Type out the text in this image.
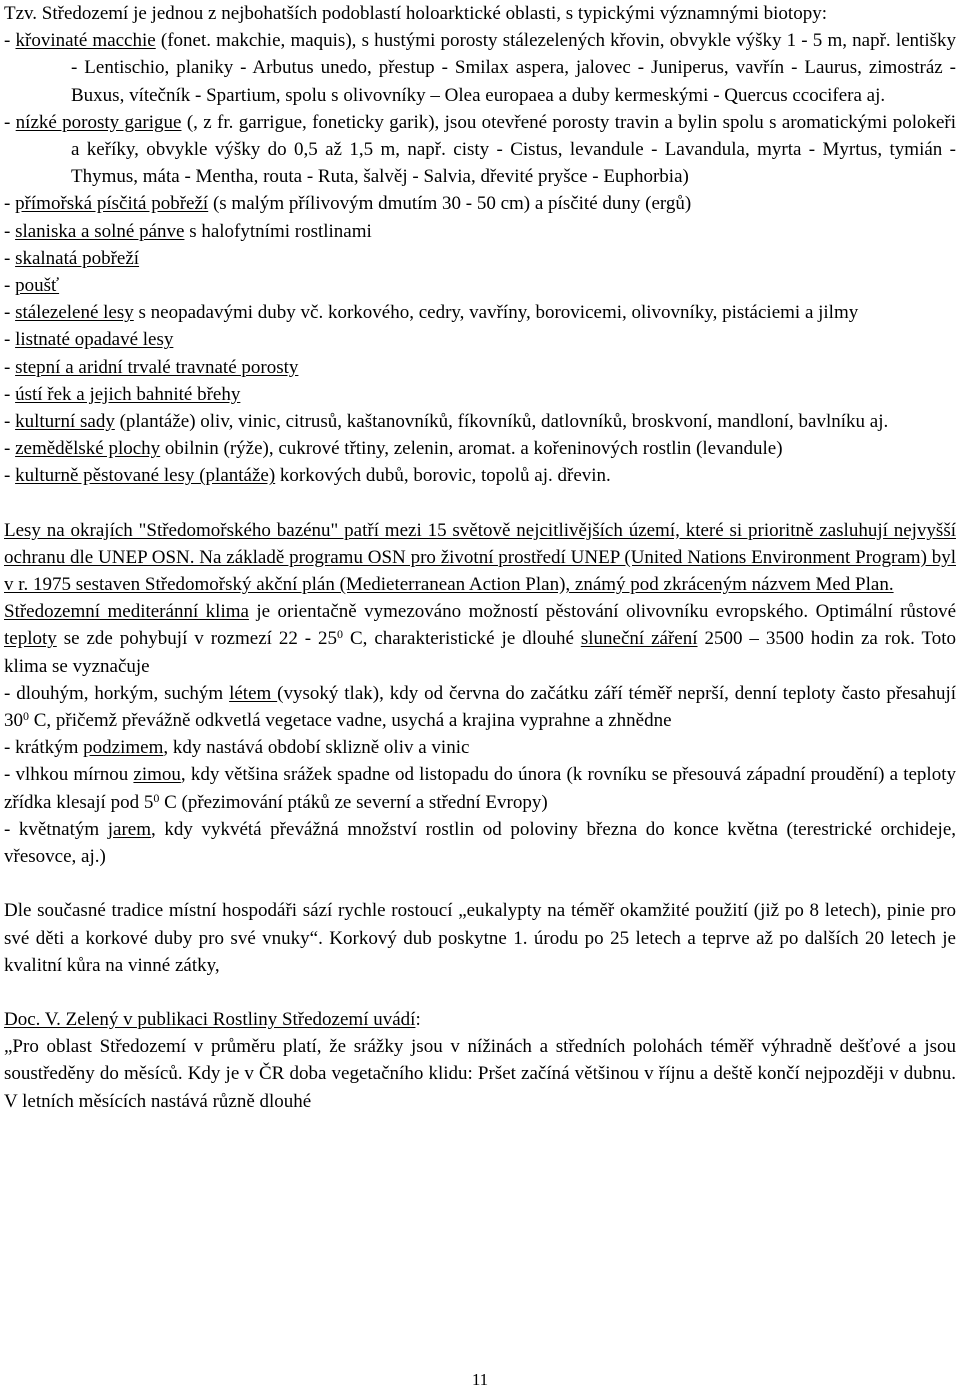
Tzv. Středozemí je jednou z nejbohatších podoblastí holoarktické oblasti, s typickými významnými biotopy:
- křovinaté macchie (fonet. makchie, maquis), s hustými porosty stálezelených křovin, obvykle výšky 1 - 5 m, např. lentišky - Lentischio, planiky - Arbutus unedo, přestup - Smilax aspera, jalovec - Juniperus, vavřín - Laurus, zimostráz - Buxus, vítečník - Spartium, spolu s olivovníky – Olea europaea a duby kermeskými - Quercus ccocifera aj.
- nízké porosty garigue (, z fr. garrigue, foneticky garik), jsou otevřené porosty travin a bylin spolu s aromatickými polokeři a keříky, obvykle výšky do 0,5 až 1,5 m, např. cisty - Cistus, levandule - Lavandula, myrta - Myrtus, tymián - Thymus, máta - Mentha, routa - Ruta, šalvěj - Salvia, dřevité pryšce - Euphorbia)
- přímořská písčitá pobřeží (s malým přílivovým dmutím 30 - 50 cm) a písčité duny (ergů)
- slaniska a solné pánve s halofytními rostlinami
- skalnatá pobřeží
- poušť
- stálezelené lesy s neopadavými duby vč. korkového, cedry, vavříny, borovicemi, olivovníky, pistáciemi a jilmy
- listnaté opadavé lesy
- stepní a aridní trvalé travnaté porosty
- ústí řek a jejich bahnité břehy
- kulturní sady (plantáže) oliv, vinic, citrusů, kaštanovníků, fíkovníků, datlovníků, broskvoní, mandloní, bavlníku aj.
- zemědělské plochy obilnin (rýže), cukrové třtiny, zelenin, aromat. a kořeninových rostlin (levandule)
- kulturně pěstované lesy (plantáže) korkových dubů, borovic, topolů aj. dřevin.
Lesy na okrajích "Středomořského bazénu" patří mezi 15 světově nejcitlivějších území, které si prioritně zasluhují nejvyšší ochranu dle UNEP OSN. Na základě programu OSN pro životní prostředí UNEP (United Nations Environment Program) byl v r. 1975 sestaven Středomořský akční plán (Medieterranean Action Plan), známý pod zkráceným názvem Med Plan.
Středozemní mediteránní klima je orientačně vymezováno možností pěstování olivovníku evropského. Optimální růstové teploty se zde pohybují v rozmezí $22 - 25^0$ C, charakteristické je dlouhé sluneční záření 2500 – 3500 hodin za rok. Toto klima se vyznačuje
- dlouhým, horkým, suchým létem (vysoký tlak), kdy od června do začátku září téměř neprší, denní teploty často přesahují $30^0$ C, přičemž převážně odkvetlá vegetace vadne, usychá a krajina vyprahne a zhnědne
- krátkým podzimem, kdy nastává období sklizně oliv a vinic
- vlhkou mírnou zimou, kdy většina srážek spadne od listopadu do února (k rovníku se přesouvá západní proudění) a teploty zřídka klesají pod $5^0$ C (přezimování ptáků ze severní a střední Evropy)
- květnatým jarem, kdy vykvétá převážná množství rostlin od poloviny března do konce května (terestrické orchideje, vřesovce, aj.)
Dle současné tradice místní hospodáři sází rychle rostoucí „eukalypty na téměř okamžité použití (již po 8 letech), pinie pro své děti a korkové duby pro své vnuky“. Korkový dub poskytne 1. úrodu po 25 letech a teprve až po dalších 20 letech je kvalitní kůra na vinné zátky,
Doc. V. Zelený v publikaci Rostliny Středozemí uvádí:
„Pro oblast Středozemí v průměru platí, že srážky jsou v nížinách a středních polohách téměř výhradně dešťové a jsou soustředěny do měsíců. Kdy je v ČR doba vegetačního klidu: Pršet začíná většinou v říjnu a deště končí nejpozději v dubnu. V letních měsících nastává různě dlouhé
11
